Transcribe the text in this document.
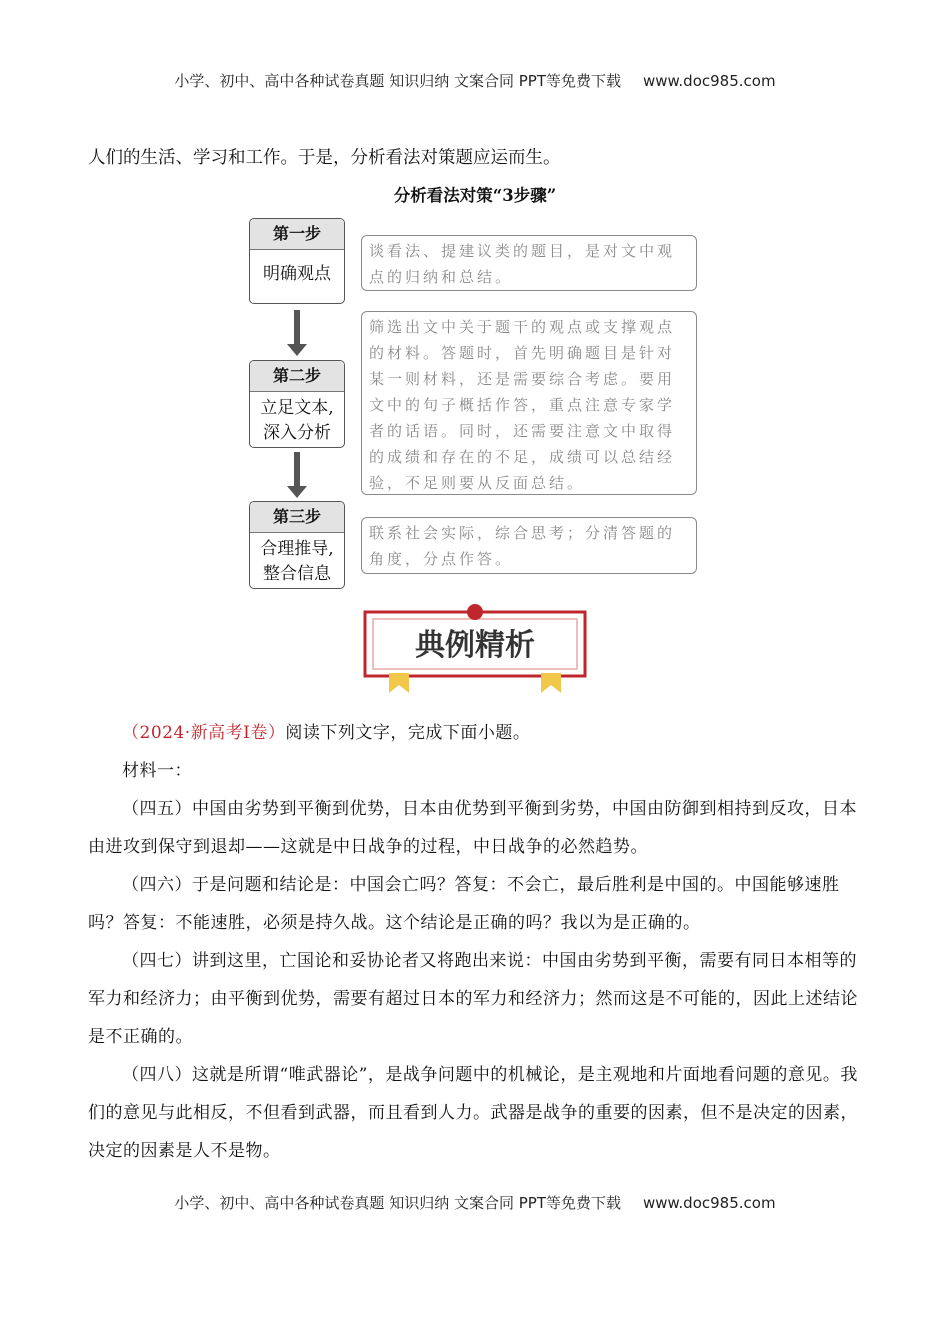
小学、初中、高中各种试卷真题 知识归纳 文案合同 PPT等免费下载 www.doc985.com
人们的生活、学习和工作。于是，分析看法对策题应运而生。
分析看法对策“3步骤”
第一步
明确观点
谈看法、提建议类的题目，是对文中观点的归纳和总结。
第二步
立足文本,
深入分析
筛选出文中关于题干的观点或支撑观点的材料。答题时，首先明确题目是针对某一则材料，还是需要综合考虑。要用文中的句子概括作答，重点注意专家学者的话语。同时，还需要注意文中取得的成绩和存在的不足，成绩可以总结经验，不足则要从反面总结。
第三步
合理推导,
整合信息
联系社会实际，综合思考；分清答题的角度，分点作答。
典例精析

（2024·新高考Ⅰ卷）阅读下列文字，完成下面小题。

材料一：

（四五）中国由劣势到平衡到优势，日本由优势到平衡到劣势，中国由防御到相持到反攻，日本由进攻到保守到退却——这就是中日战争的过程，中日战争的必然趋势。

（四六）于是问题和结论是：中国会亡吗？答复：不会亡，最后胜利是中国的。中国能够速胜吗？答复：不能速胜，必须是持久战。这个结论是正确的吗？我以为是正确的。

（四七）讲到这里，亡国论和妥协论者又将跑出来说：中国由劣势到平衡，需要有同日本相等的军力和经济力；由平衡到优势，需要有超过日本的军力和经济力；然而这是不可能的，因此上述结论是不正确的。

（四八）这就是所谓“唯武器论”，是战争问题中的机械论，是主观地和片面地看问题的意见。我们的意见与此相反，不但看到武器，而且看到人力。武器是战争的重要的因素，但不是决定的因素，决定的因素是人不是物。

小学、初中、高中各种试卷真题 知识归纳 文案合同 PPT等免费下载 www.doc985.com
